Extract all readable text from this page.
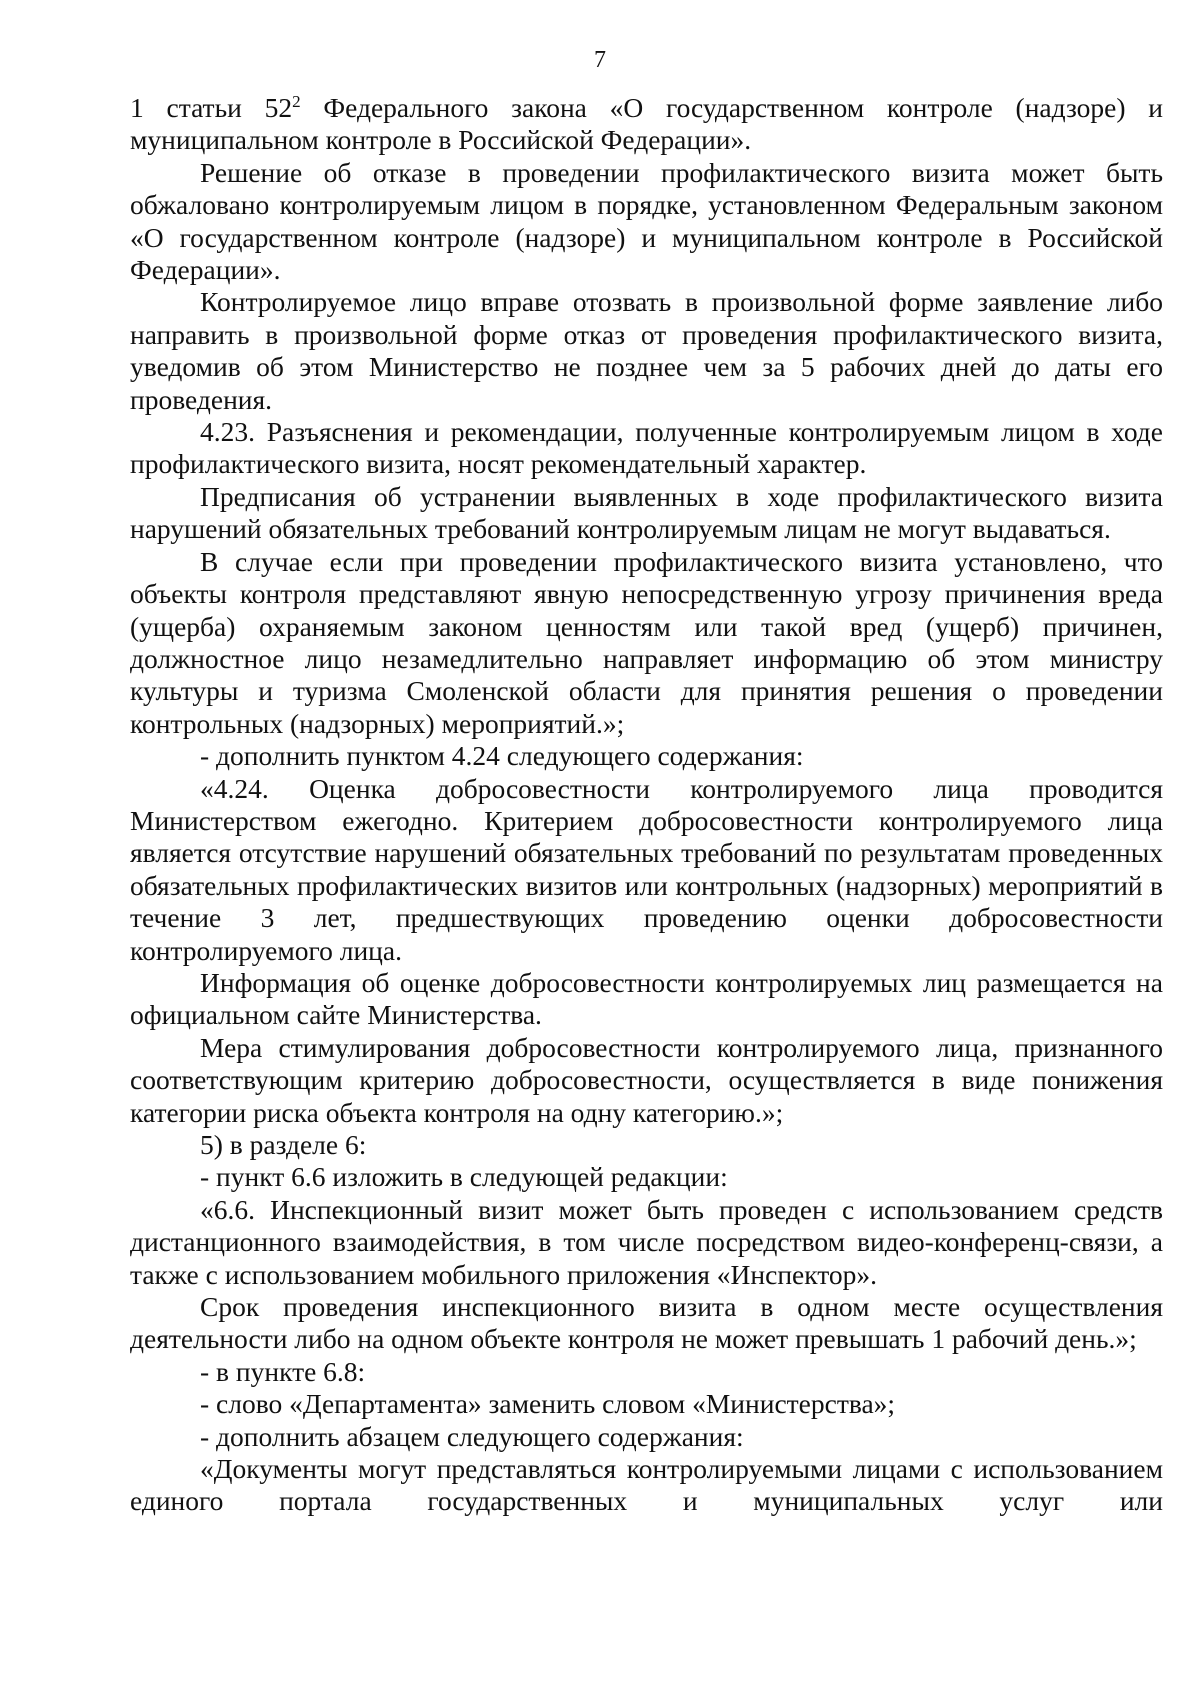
7

1 статьи $52^2$ Федерального закона «О государственном контроле (надзоре) и муниципальном контроле в Российской Федерации».

Решение об отказе в проведении профилактического визита может быть обжаловано контролируемым лицом в порядке, установленном Федеральным законом «О государственном контроле (надзоре) и муниципальном контроле в Российской Федерации».

Контролируемое лицо вправе отозвать в произвольной форме заявление либо направить в произвольной форме отказ от проведения профилактического визита, уведомив об этом Министерство не позднее чем за 5 рабочих дней до даты его проведения.

4.23. Разъяснения и рекомендации, полученные контролируемым лицом в ходе профилактического визита, носят рекомендательный характер.

Предписания об устранении выявленных в ходе профилактического визита нарушений обязательных требований контролируемым лицам не могут выдаваться.

В случае если при проведении профилактического визита установлено, что объекты контроля представляют явную непосредственную угрозу причинения вреда (ущерба) охраняемым законом ценностям или такой вред (ущерб) причинен, должностное лицо незамедлительно направляет информацию об этом министру культуры и туризма Смоленской области для принятия решения о проведении контрольных (надзорных) мероприятий.»;

- дополнить пунктом 4.24 следующего содержания:

«4.24. Оценка добросовестности контролируемого лица проводится Министерством ежегодно. Критерием добросовестности контролируемого лица является отсутствие нарушений обязательных требований по результатам проведенных обязательных профилактических визитов или контрольных (надзорных) мероприятий в течение 3 лет, предшествующих проведению оценки добросовестности контролируемого лица.

Информация об оценке добросовестности контролируемых лиц размещается на официальном сайте Министерства.

Мера стимулирования добросовестности контролируемого лица, признанного соответствующим критерию добросовестности, осуществляется в виде понижения категории риска объекта контроля на одну категорию.»;

5) в разделе 6:

- пункт 6.6 изложить в следующей редакции:

«6.6. Инспекционный визит может быть проведен с использованием средств дистанционного взаимодействия, в том числе посредством видео-конференц-связи, а также с использованием мобильного приложения «Инспектор».

Срок проведения инспекционного визита в одном месте осуществления деятельности либо на одном объекте контроля не может превышать 1 рабочий день.»;

- в пункте 6.8:

- слово «Департамента» заменить словом «Министерства»;

- дополнить абзацем следующего содержания:

«Документы могут представляться контролируемыми лицами с использованием единого портала государственных и муниципальных услуг или
